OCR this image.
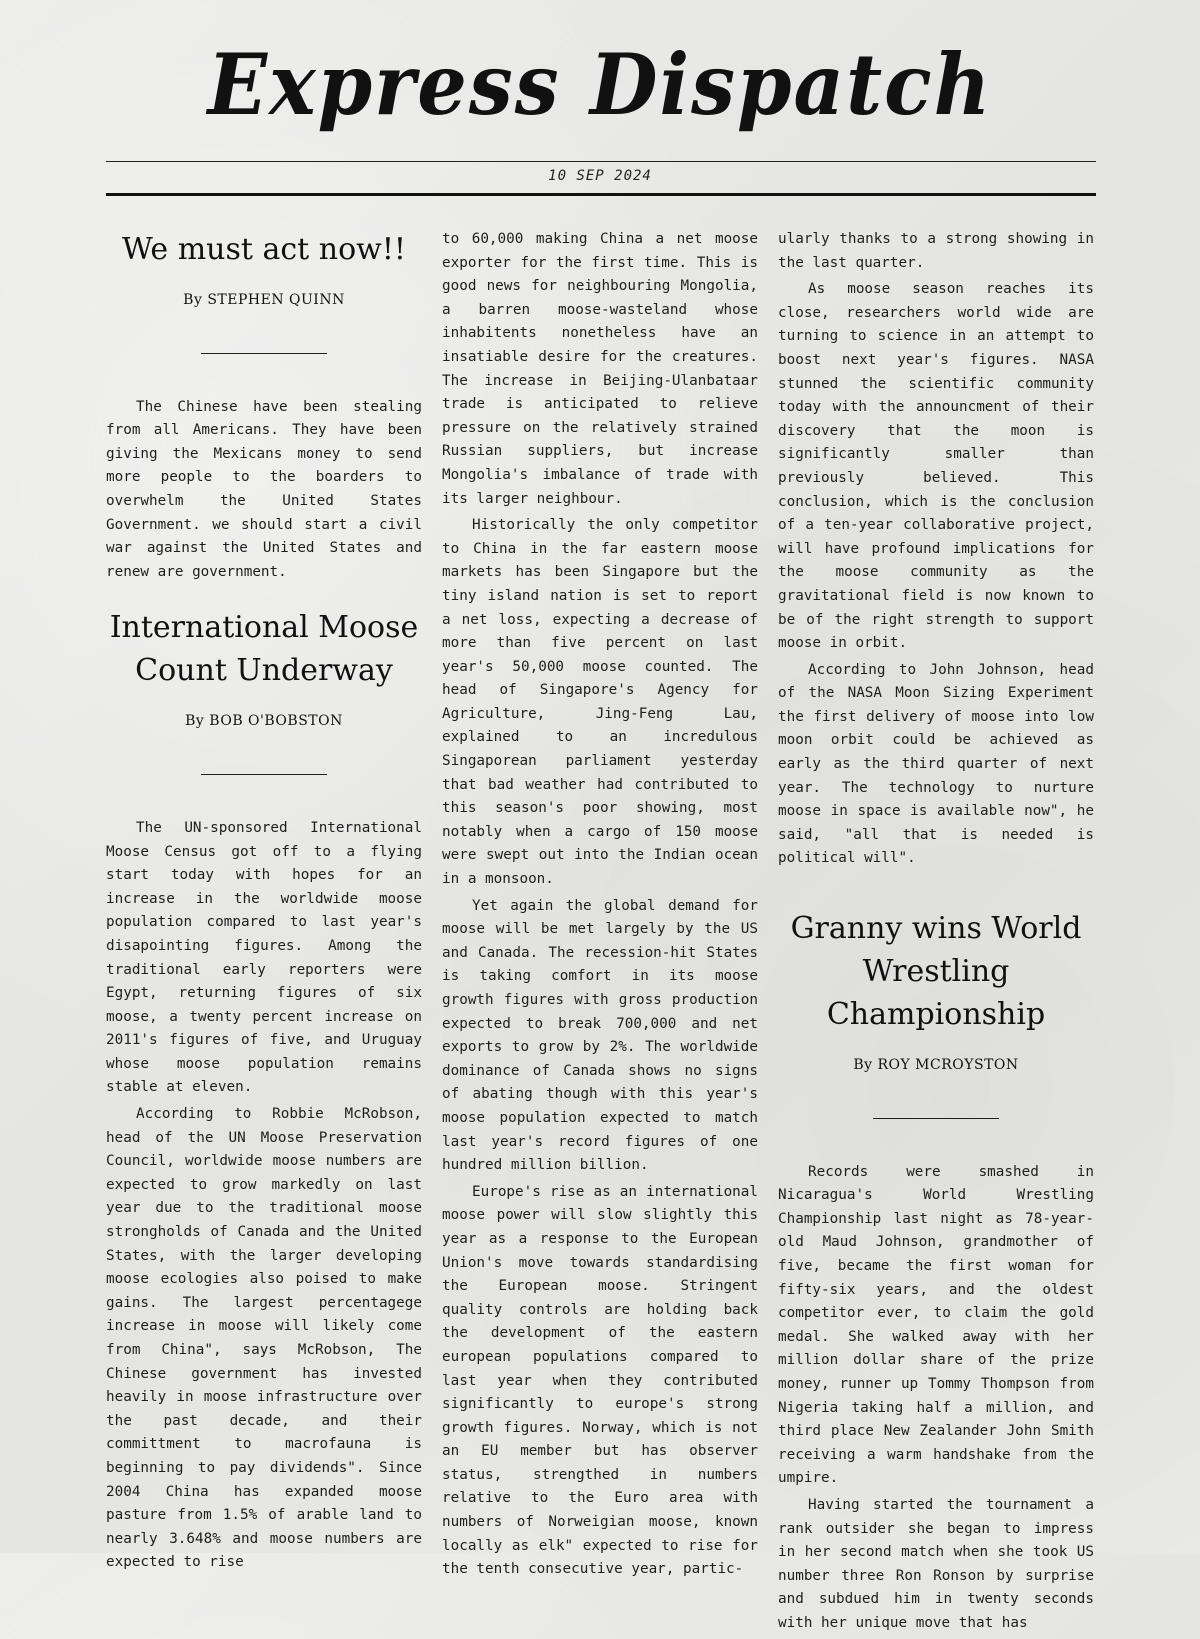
Express Dispatch
10 SEP 2024
We must act now!!
By STEPHEN QUINN

The Chinese have been stealing from all Americans. They have been giving the Mexicans money to send more people to the boarders to overwhelm the United States Government. we should start a civil war against the United States and renew are government.

International Moose Count Underway
By BOB O'BOBSTON

The UN-sponsored International Moose Census got off to a flying start today with hopes for an increase in the worldwide moose population compared to last year's disapointing figures. Among the traditional early reporters were Egypt, returning figures of six moose, a twenty percent increase on 2011's figures of five, and Uruguay whose moose population remains stable at eleven.

According to Robbie McRobson, head of the UN Moose Preservation Council, worldwide moose numbers are expected to grow markedly on last year due to the traditional moose strongholds of Canada and the United States, with the larger developing moose ecologies also poised to make gains. The largest percentagege increase in moose will likely come from China", says McRobson, The Chinese government has invested heavily in moose infrastructure over the past decade, and their committment to macrofauna is beginning to pay dividends". Since 2004 China has expanded moose pasture from 1.5% of arable land to nearly 3.648% and moose numbers are expected to rise

to 60,000 making China a net moose exporter for the first time. This is good news for neighbouring Mongolia, a barren moose-wasteland whose inhabitents nonetheless have an insatiable desire for the creatures. The increase in Beijing-Ulanbataar trade is anticipated to relieve pressure on the relatively strained Russian suppliers, but increase Mongolia's imbalance of trade with its larger neighbour.

Historically the only competitor to China in the far eastern moose markets has been Singapore but the tiny island nation is set to report a net loss, expecting a decrease of more than five percent on last year's 50,000 moose counted. The head of Singapore's Agency for Agriculture, Jing-Feng Lau, explained to an incredulous Singaporean parliament yesterday that bad weather had contributed to this season's poor showing, most notably when a cargo of 150 moose were swept out into the Indian ocean in a monsoon.

Yet again the global demand for moose will be met largely by the US and Canada. The recession-hit States is taking comfort in its moose growth figures with gross production expected to break 700,000 and net exports to grow by 2%. The worldwide dominance of Canada shows no signs of abating though with this year's moose population expected to match last year's record figures of one hundred million billion.

Europe's rise as an international moose power will slow slightly this year as a response to the European Union's move towards standardising the European moose. Stringent quality controls are holding back the development of the eastern european populations compared to last year when they contributed significantly to europe's strong growth figures. Norway, which is not an EU member but has observer status, strengthed in numbers relative to the Euro area with numbers of Norweigian moose, known locally as elk" expected to rise for the tenth consecutive year, partic-

ularly thanks to a strong showing in the last quarter.

As moose season reaches its close, researchers world wide are turning to science in an attempt to boost next year's figures. NASA stunned the scientific community today with the announcment of their discovery that the moon is significantly smaller than previously believed. This conclusion, which is the conclusion of a ten-year collaborative project, will have profound implications for the moose community as the gravitational field is now known to be of the right strength to support moose in orbit.

According to John Johnson, head of the NASA Moon Sizing Experiment the first delivery of moose into low moon orbit could be achieved as early as the third quarter of next year. The technology to nurture moose in space is available now", he said, "all that is needed is political will".

Granny wins World Wrestling Championship
By ROY MCROYSTON

Records were smashed in Nicaragua's World Wrestling Championship last night as 78-year-old Maud Johnson, grandmother of five, became the first woman for fifty-six years, and the oldest competitor ever, to claim the gold medal. She walked away with her million dollar share of the prize money, runner up Tommy Thompson from Nigeria taking half a million, and third place New Zealander John Smith receiving a warm handshake from the umpire.

Having started the tournament a rank outsider she began to impress in her second match when she took US number three Ron Ronson by surprise and subdued him in twenty seconds with her unique move that has
